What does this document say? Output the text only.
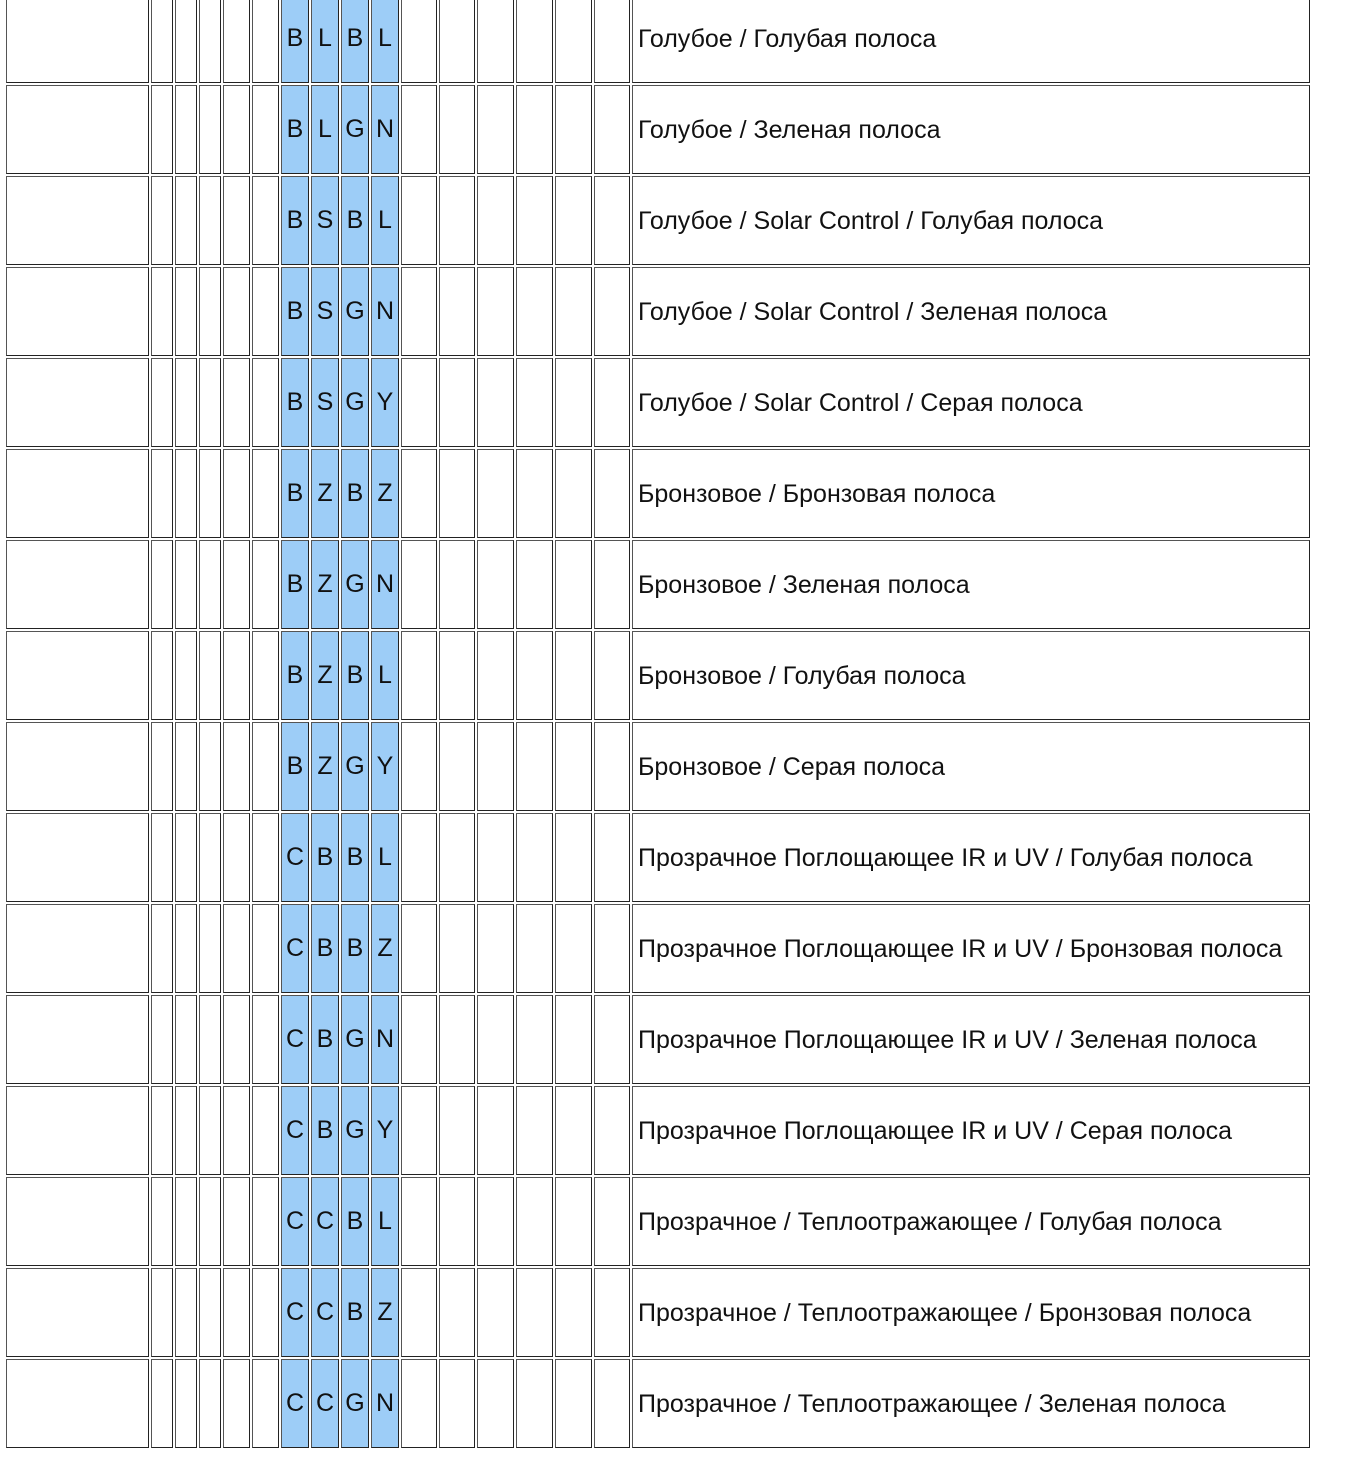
						B	L	B	L							Голубое / Голубая полоса
						B	L	G	N							Голубое / Зеленая полоса
						B	S	B	L							Голубое / Solar Control / Голубая полоса
						B	S	G	N							Голубое / Solar Control / Зеленая полоса
						B	S	G	Y							Голубое / Solar Control / Серая полоса
						B	Z	B	Z							Бронзовое / Бронзовая полоса
						B	Z	G	N							Бронзовое / Зеленая полоса
						B	Z	B	L							Бронзовое / Голубая полоса
						B	Z	G	Y							Бронзовое / Серая полоса
						C	B	B	L							Прозрачное Поглощающее IR и UV / Голубая полоса
						C	B	B	Z							Прозрачное Поглощающее IR и UV / Бронзовая полоса
						C	B	G	N							Прозрачное Поглощающее IR и UV / Зеленая полоса
						C	B	G	Y							Прозрачное Поглощающее IR и UV / Серая полоса
						C	C	B	L							Прозрачное / Теплоотражающее / Голубая полоса
						C	C	B	Z							Прозрачное / Теплоотражающее / Бронзовая полоса
						C	C	G	N							Прозрачное / Теплоотражающее / Зеленая полоса
